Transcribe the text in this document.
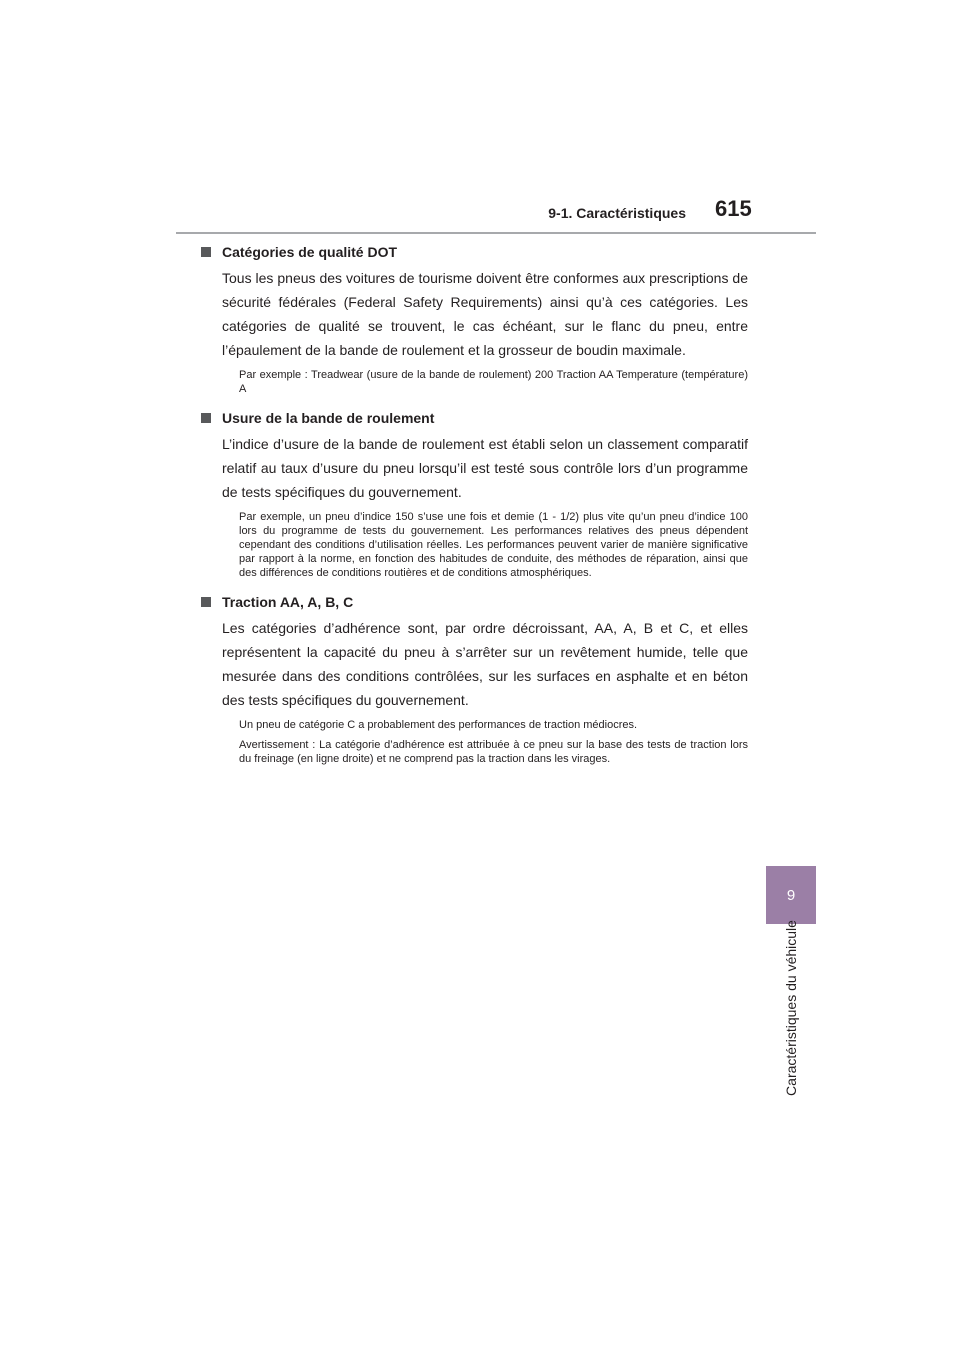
9-1. Caractéristiques 615
9
Caractéristiques du véhicule
Catégories de qualité DOT

Tous les pneus des voitures de tourisme doivent être conformes aux prescriptions de sécurité fédérales (Federal Safety Requirements) ainsi qu’à ces catégories. Les catégories de qualité se trouvent, le cas échéant, sur le flanc du pneu, entre l’épaulement de la bande de roulement et la grosseur de boudin maximale.

Par exemple : Treadwear (usure de la bande de roulement) 200 Traction AA Temperature (température) A

Usure de la bande de roulement

L’indice d’usure de la bande de roulement est établi selon un classement comparatif relatif au taux d’usure du pneu lorsqu’il est testé sous contrôle lors d’un programme de tests spécifiques du gouvernement.

Par exemple, un pneu d’indice 150 s’use une fois et demie (1 - 1/2) plus vite qu’un pneu d’indice 100 lors du programme de tests du gouvernement. Les performances relatives des pneus dépendent cependant des conditions d’utilisation réelles. Les performances peuvent varier de manière significative par rapport à la norme, en fonction des habitudes de conduite, des méthodes de réparation, ainsi que des différences de conditions routières et de conditions atmosphériques.

Traction AA, A, B, C

Les catégories d’adhérence sont, par ordre décroissant, AA, A, B et C, et elles représentent la capacité du pneu à s’arrêter sur un revêtement humide, telle que mesurée dans des conditions contrôlées, sur les surfaces en asphalte et en béton des tests spécifiques du gouvernement.

Un pneu de catégorie C a probablement des performances de traction médiocres.

Avertissement : La catégorie d’adhérence est attribuée à ce pneu sur la base des tests de traction lors du freinage (en ligne droite) et ne comprend pas la traction dans les virages.
